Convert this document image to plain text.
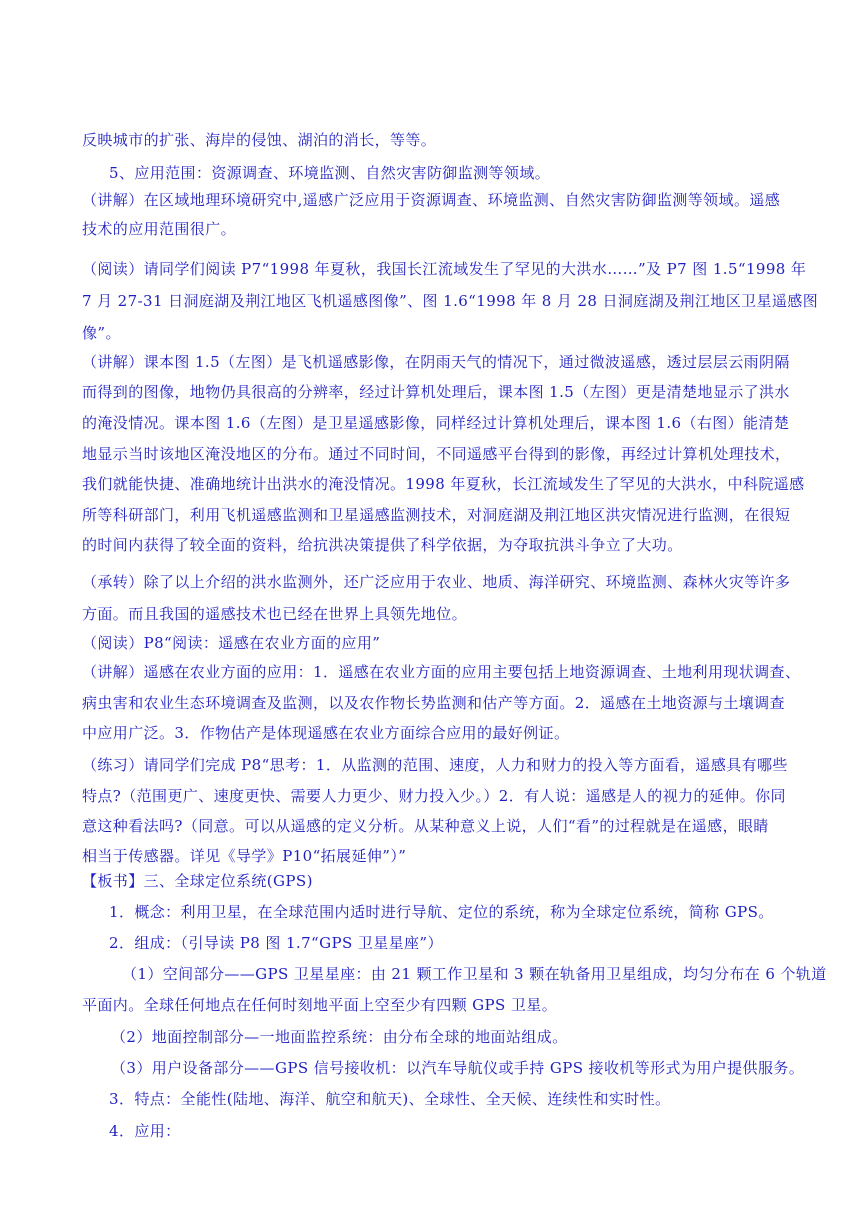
反映城市的扩张、海岸的侵蚀、湖泊的消长，等等。
5、应用范围：资源调查、环境监测、自然灾害防御监测等领域。
（讲解）在区域地理环境研究中,遥感广泛应用于资源调查、环境监测、自然灾害防御监测等领域。遥感
技术的应用范围很广。
（阅读）请同学们阅读 P7“1998 年夏秋，我国长江流域发生了罕见的大洪水……”及 P7 图 1.5“1998 年
7 月 27-31 日洞庭湖及荆江地区飞机遥感图像”、图 1.6“1998 年 8 月 28 日洞庭湖及荆江地区卫星遥感图
像”。
（讲解）课本图 1.5（左图）是飞机遥感影像，在阴雨天气的情况下，通过微波遥感，透过层层云雨阴隔
而得到的图像，地物仍具很高的分辨率，经过计算机处理后，课本图 1.5（左图）更是清楚地显示了洪水
的淹没情况。课本图 1.6（左图）是卫星遥感影像，同样经过计算机处理后，课本图 1.6（右图）能清楚
地显示当时该地区淹没地区的分布。通过不同时间，不同遥感平台得到的影像，再经过计算机处理技术，
我们就能快捷、准确地统计出洪水的淹没情况。1998 年夏秋，长江流域发生了罕见的大洪水，中科院遥感
所等科研部门，利用飞机遥感监测和卫星遥感监测技术，对洞庭湖及荆江地区洪灾情况进行监测，在很短
的时间内获得了较全面的资料，给抗洪决策提供了科学依据，为夺取抗洪斗争立了大功。
（承转）除了以上介绍的洪水监测外，还广泛应用于农业、地质、海洋研究、环境监测、森林火灾等许多
方面。而且我国的遥感技术也已经在世界上具领先地位。
（阅读）P8“阅读：遥感在农业方面的应用”
（讲解）遥感在农业方面的应用：1．遥感在农业方面的应用主要包括上地资源调查、土地利用现状调查、
病虫害和农业生态环境调查及监测，以及农作物长势监测和估产等方面。2．遥感在土地资源与土壤调查
中应用广泛。3．作物估产是体现遥感在农业方面综合应用的最好例证。
（练习）请同学们完成 P8“思考：1．从监测的范围、速度，人力和财力的投入等方面看，遥感具有哪些
特点?（范围更广、速度更快、需要人力更少、财力投入少。）2．有人说：遥感是人的视力的延伸。你同
意这种看法吗?（同意。可以从遥感的定义分析。从某种意义上说，人们“看”的过程就是在遥感，眼睛
相当于传感器。详见《导学》P10“拓展延伸”）”
【板书】三、全球定位系统(GPS)
1．概念：利用卫星，在全球范围内适时进行导航、定位的系统，称为全球定位系统，简称 GPS。
2．组成：（引导读 P8 图 1.7“GPS 卫星星座”）
（1）空间部分——GPS 卫星星座：由 21 颗工作卫星和 3 颗在轨备用卫星组成，均匀分布在 6 个轨道
平面内。全球任何地点在任何时刻地平面上空至少有四颗 GPS 卫星。
（2）地面控制部分—一地面监控系统：由分布全球的地面站组成。
（3）用户设备部分——GPS 信号接收机：以汽车导航仪或手持 GPS 接收机等形式为用户提供服务。
3．特点：全能性(陆地、海洋、航空和航天)、全球性、全天候、连续性和实时性。
4．应用：
